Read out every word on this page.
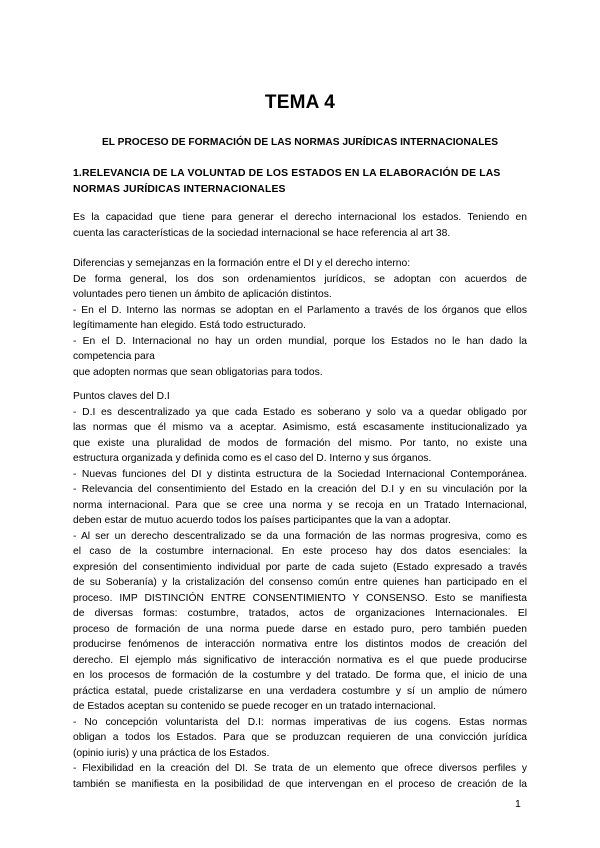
TEMA 4
EL PROCESO DE FORMACIÓN DE LAS NORMAS JURÍDICAS INTERNACIONALES
1.RELEVANCIA DE LA VOLUNTAD DE LOS ESTADOS EN LA ELABORACIÓN DE LAS NORMAS JURÍDICAS INTERNACIONALES
Es la capacidad que tiene para generar el derecho internacional los estados. Teniendo en
cuenta las características de la sociedad internacional se hace referencia al art 38.
Diferencias y semejanzas en la formación entre el DI y el derecho interno:
De forma general, los dos son ordenamientos jurídicos, se adoptan con acuerdos de
voluntades pero tienen un ámbito de aplicación distintos.
- En el D. Interno las normas se adoptan en el Parlamento a través de los órganos que ellos
legítimamente han elegido. Está todo estructurado.
- En el D. Internacional no hay un orden mundial, porque los Estados no le han dado la
competencia para
que adopten normas que sean obligatorias para todos.
Puntos claves del D.I
- D.I es descentralizado ya que cada Estado es soberano y solo va a quedar obligado por
las normas que él mismo va a aceptar. Asimismo, está escasamente institucionalizado ya
que existe una pluralidad de modos de formación del mismo. Por tanto, no existe una
estructura organizada y definida como es el caso del D. Interno y sus órganos.
- Nuevas funciones del DI y distinta estructura de la Sociedad Internacional Contemporánea.
- Relevancia del consentimiento del Estado en la creación del D.I y en su vinculación por la
norma internacional. Para que se cree una norma y se recoja en un Tratado Internacional,
deben estar de mutuo acuerdo todos los países participantes que la van a adoptar.
- Al ser un derecho descentralizado se da una formación de las normas progresiva, como es
el caso de la costumbre internacional. En este proceso hay dos datos esenciales: la
expresión del consentimiento individual por parte de cada sujeto (Estado expresado a través
de su Soberanía) y la cristalización del consenso común entre quienes han participado en el
proceso. IMP DISTINCIÓN ENTRE CONSENTIMIENTO Y CONSENSO. Esto se manifiesta
de diversas formas: costumbre, tratados, actos de organizaciones Internacionales. El
proceso de formación de una norma puede darse en estado puro, pero también pueden
producirse fenómenos de interacción normativa entre los distintos modos de creación del
derecho. El ejemplo más significativo de interacción normativa es el que puede producirse
en los procesos de formación de la costumbre y del tratado. De forma que, el inicio de una
práctica estatal, puede cristalizarse en una verdadera costumbre y sí un amplio de número
de Estados aceptan su contenido se puede recoger en un tratado internacional.
- No concepción voluntarista del D.I: normas imperativas de ius cogens. Estas normas
obligan a todos los Estados. Para que se produzcan requieren de una convicción jurídica
(opinio iuris) y una práctica de los Estados.
- Flexibilidad en la creación del DI. Se trata de un elemento que ofrece diversos perfiles y
también se manifiesta en la posibilidad de que intervengan en el proceso de creación de la
1
